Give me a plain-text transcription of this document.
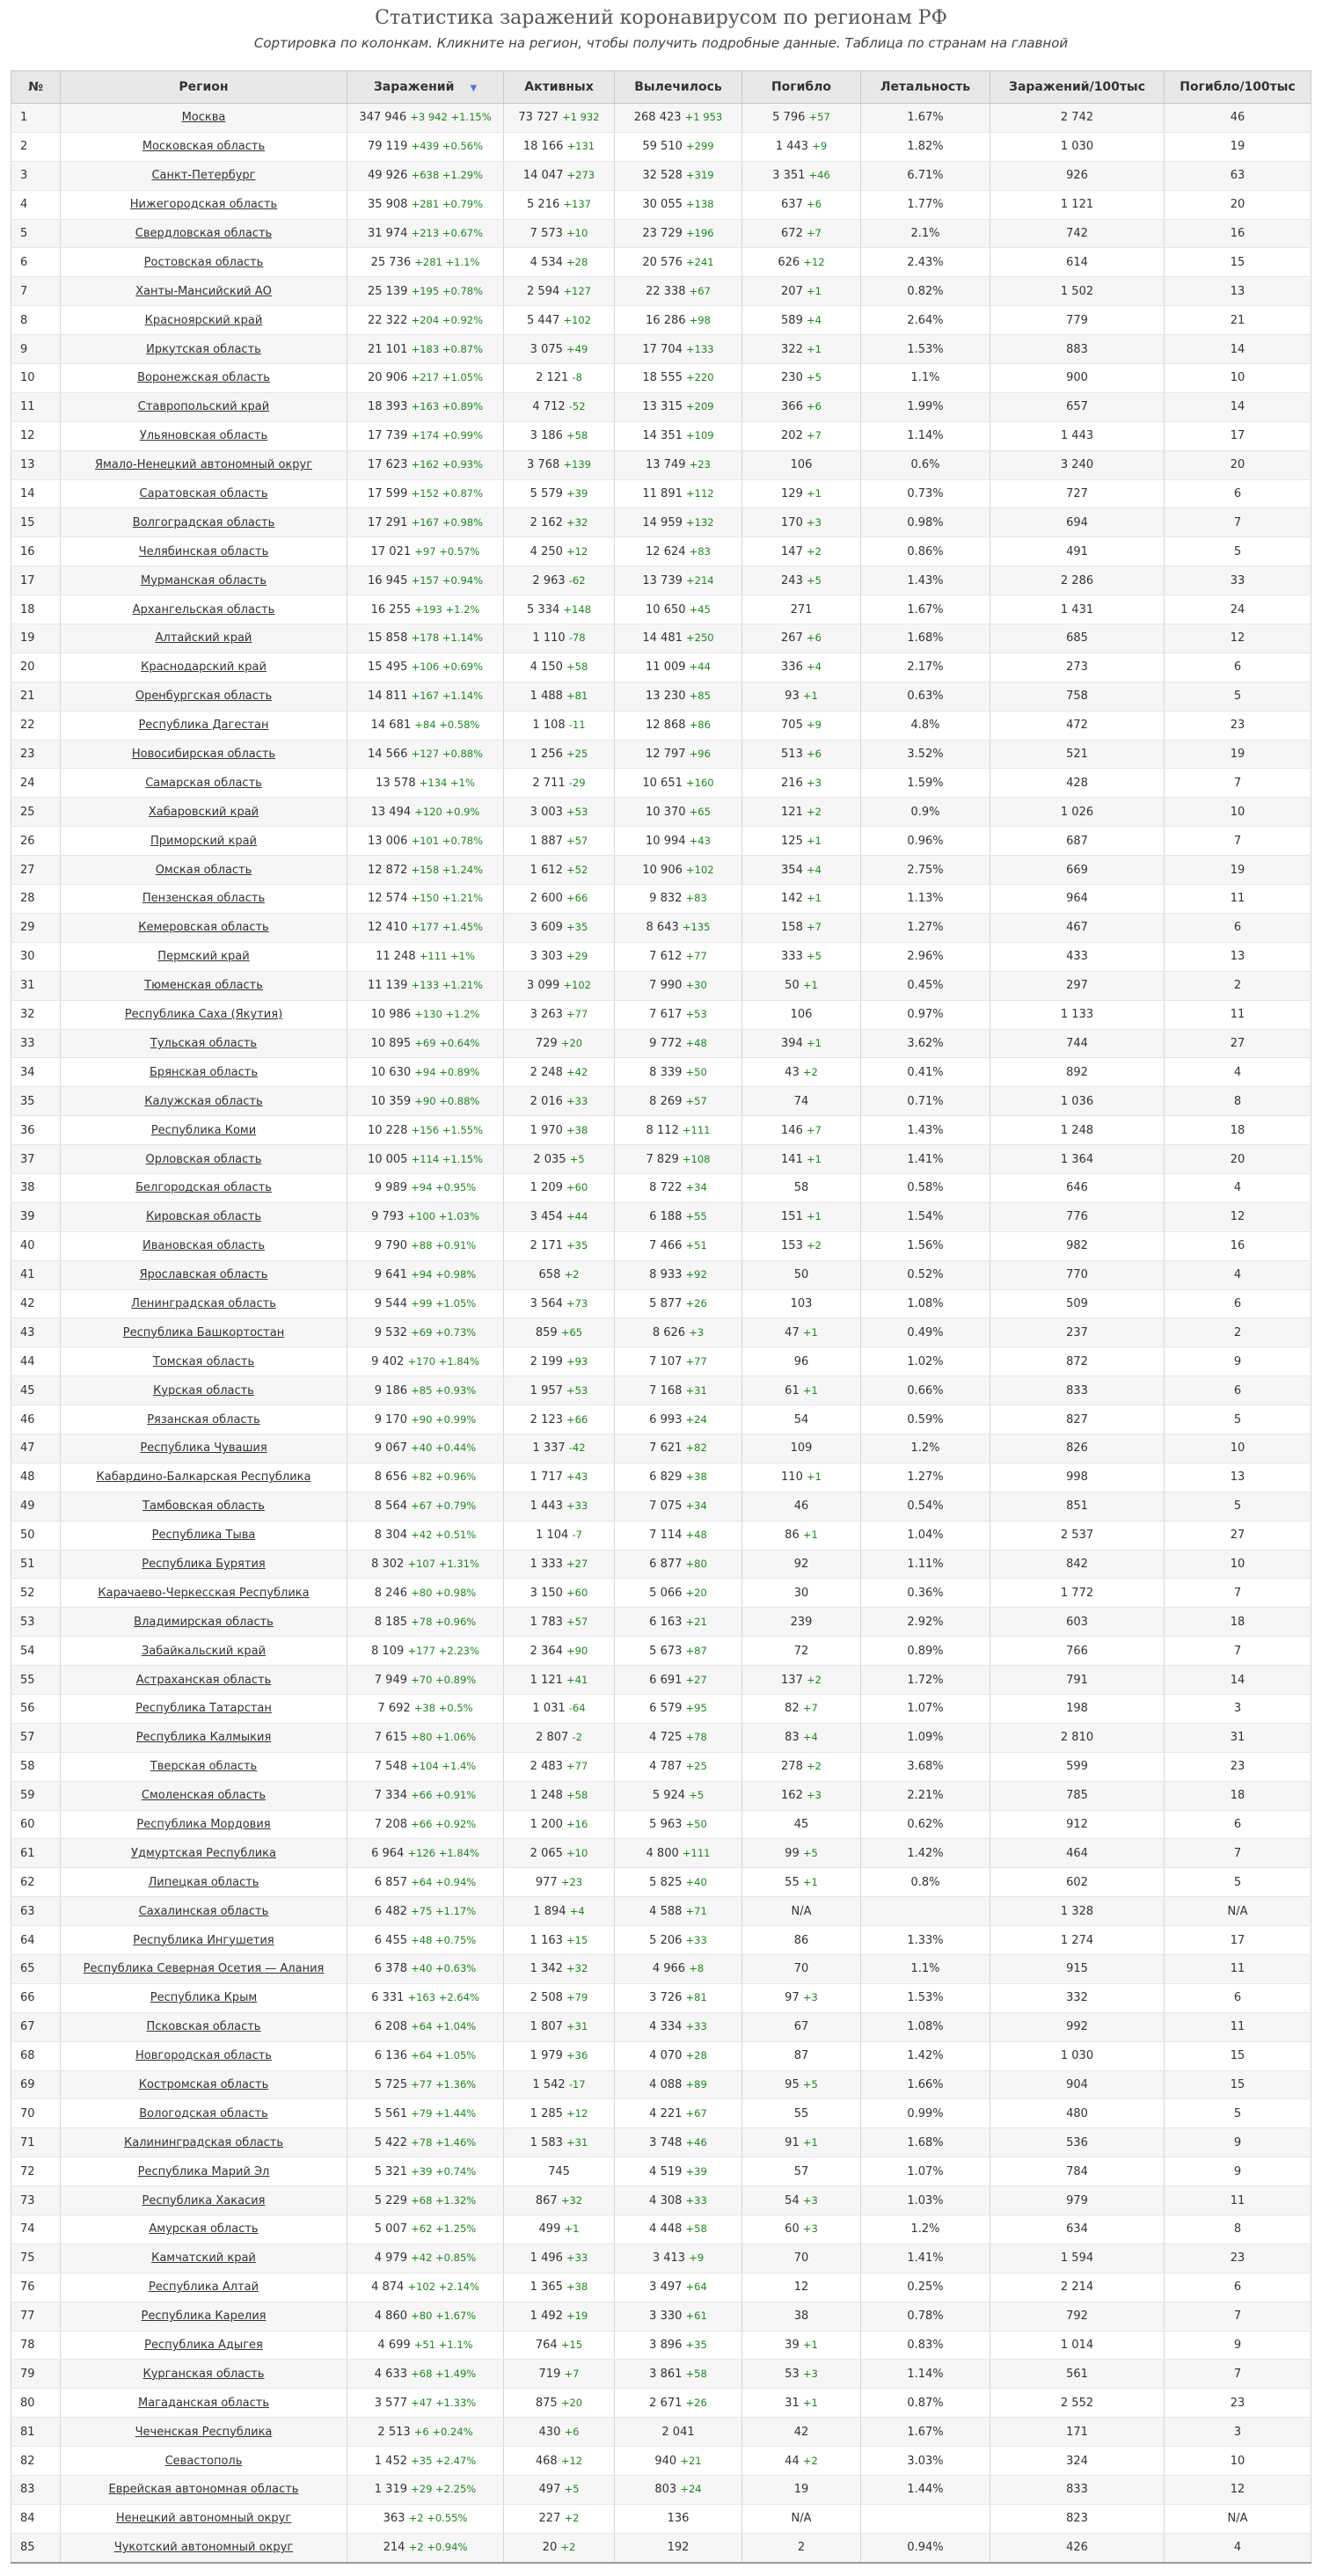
Статистика заражений коронавирусом по регионам РФ
Сортировка по колонкам. Кликните на регион, чтобы получить подробные данные. Таблица по странам на главной
№	Регион	Заражений ▼	Активных	Вылечилось	Погибло	Летальность	Заражений/100тыс	Погибло/100тыс
1	Москва	347 946 +3 942 +1.15%	73 727 +1 932	268 423 +1 953	5 796 +57	1.67%	2 742	46
2	Московская область	79 119 +439 +0.56%	18 166 +131	59 510 +299	1 443 +9	1.82%	1 030	19
3	Санкт-Петербург	49 926 +638 +1.29%	14 047 +273	32 528 +319	3 351 +46	6.71%	926	63
4	Нижегородская область	35 908 +281 +0.79%	5 216 +137	30 055 +138	637 +6	1.77%	1 121	20
5	Свердловская область	31 974 +213 +0.67%	7 573 +10	23 729 +196	672 +7	2.1%	742	16
6	Ростовская область	25 736 +281 +1.1%	4 534 +28	20 576 +241	626 +12	2.43%	614	15
7	Ханты-Мансийский АО	25 139 +195 +0.78%	2 594 +127	22 338 +67	207 +1	0.82%	1 502	13
8	Красноярский край	22 322 +204 +0.92%	5 447 +102	16 286 +98	589 +4	2.64%	779	21
9	Иркутская область	21 101 +183 +0.87%	3 075 +49	17 704 +133	322 +1	1.53%	883	14
10	Воронежская область	20 906 +217 +1.05%	2 121 -8	18 555 +220	230 +5	1.1%	900	10
11	Ставропольский край	18 393 +163 +0.89%	4 712 -52	13 315 +209	366 +6	1.99%	657	14
12	Ульяновская область	17 739 +174 +0.99%	3 186 +58	14 351 +109	202 +7	1.14%	1 443	17
13	Ямало-Ненецкий автономный округ	17 623 +162 +0.93%	3 768 +139	13 749 +23	106	0.6%	3 240	20
14	Саратовская область	17 599 +152 +0.87%	5 579 +39	11 891 +112	129 +1	0.73%	727	6
15	Волгоградская область	17 291 +167 +0.98%	2 162 +32	14 959 +132	170 +3	0.98%	694	7
16	Челябинская область	17 021 +97 +0.57%	4 250 +12	12 624 +83	147 +2	0.86%	491	5
17	Мурманская область	16 945 +157 +0.94%	2 963 -62	13 739 +214	243 +5	1.43%	2 286	33
18	Архангельская область	16 255 +193 +1.2%	5 334 +148	10 650 +45	271	1.67%	1 431	24
19	Алтайский край	15 858 +178 +1.14%	1 110 -78	14 481 +250	267 +6	1.68%	685	12
20	Краснодарский край	15 495 +106 +0.69%	4 150 +58	11 009 +44	336 +4	2.17%	273	6
21	Оренбургская область	14 811 +167 +1.14%	1 488 +81	13 230 +85	93 +1	0.63%	758	5
22	Республика Дагестан	14 681 +84 +0.58%	1 108 -11	12 868 +86	705 +9	4.8%	472	23
23	Новосибирская область	14 566 +127 +0.88%	1 256 +25	12 797 +96	513 +6	3.52%	521	19
24	Самарская область	13 578 +134 +1%	2 711 -29	10 651 +160	216 +3	1.59%	428	7
25	Хабаровский край	13 494 +120 +0.9%	3 003 +53	10 370 +65	121 +2	0.9%	1 026	10
26	Приморский край	13 006 +101 +0.78%	1 887 +57	10 994 +43	125 +1	0.96%	687	7
27	Омская область	12 872 +158 +1.24%	1 612 +52	10 906 +102	354 +4	2.75%	669	19
28	Пензенская область	12 574 +150 +1.21%	2 600 +66	9 832 +83	142 +1	1.13%	964	11
29	Кемеровская область	12 410 +177 +1.45%	3 609 +35	8 643 +135	158 +7	1.27%	467	6
30	Пермский край	11 248 +111 +1%	3 303 +29	7 612 +77	333 +5	2.96%	433	13
31	Тюменская область	11 139 +133 +1.21%	3 099 +102	7 990 +30	50 +1	0.45%	297	2
32	Республика Саха (Якутия)	10 986 +130 +1.2%	3 263 +77	7 617 +53	106	0.97%	1 133	11
33	Тульская область	10 895 +69 +0.64%	729 +20	9 772 +48	394 +1	3.62%	744	27
34	Брянская область	10 630 +94 +0.89%	2 248 +42	8 339 +50	43 +2	0.41%	892	4
35	Калужская область	10 359 +90 +0.88%	2 016 +33	8 269 +57	74	0.71%	1 036	8
36	Республика Коми	10 228 +156 +1.55%	1 970 +38	8 112 +111	146 +7	1.43%	1 248	18
37	Орловская область	10 005 +114 +1.15%	2 035 +5	7 829 +108	141 +1	1.41%	1 364	20
38	Белгородская область	9 989 +94 +0.95%	1 209 +60	8 722 +34	58	0.58%	646	4
39	Кировская область	9 793 +100 +1.03%	3 454 +44	6 188 +55	151 +1	1.54%	776	12
40	Ивановская область	9 790 +88 +0.91%	2 171 +35	7 466 +51	153 +2	1.56%	982	16
41	Ярославская область	9 641 +94 +0.98%	658 +2	8 933 +92	50	0.52%	770	4
42	Ленинградская область	9 544 +99 +1.05%	3 564 +73	5 877 +26	103	1.08%	509	6
43	Республика Башкортостан	9 532 +69 +0.73%	859 +65	8 626 +3	47 +1	0.49%	237	2
44	Томская область	9 402 +170 +1.84%	2 199 +93	7 107 +77	96	1.02%	872	9
45	Курская область	9 186 +85 +0.93%	1 957 +53	7 168 +31	61 +1	0.66%	833	6
46	Рязанская область	9 170 +90 +0.99%	2 123 +66	6 993 +24	54	0.59%	827	5
47	Республика Чувашия	9 067 +40 +0.44%	1 337 -42	7 621 +82	109	1.2%	826	10
48	Кабардино-Балкарская Республика	8 656 +82 +0.96%	1 717 +43	6 829 +38	110 +1	1.27%	998	13
49	Тамбовская область	8 564 +67 +0.79%	1 443 +33	7 075 +34	46	0.54%	851	5
50	Республика Тыва	8 304 +42 +0.51%	1 104 -7	7 114 +48	86 +1	1.04%	2 537	27
51	Республика Бурятия	8 302 +107 +1.31%	1 333 +27	6 877 +80	92	1.11%	842	10
52	Карачаево-Черкесская Республика	8 246 +80 +0.98%	3 150 +60	5 066 +20	30	0.36%	1 772	7
53	Владимирская область	8 185 +78 +0.96%	1 783 +57	6 163 +21	239	2.92%	603	18
54	Забайкальский край	8 109 +177 +2.23%	2 364 +90	5 673 +87	72	0.89%	766	7
55	Астраханская область	7 949 +70 +0.89%	1 121 +41	6 691 +27	137 +2	1.72%	791	14
56	Республика Татарстан	7 692 +38 +0.5%	1 031 -64	6 579 +95	82 +7	1.07%	198	3
57	Республика Калмыкия	7 615 +80 +1.06%	2 807 -2	4 725 +78	83 +4	1.09%	2 810	31
58	Тверская область	7 548 +104 +1.4%	2 483 +77	4 787 +25	278 +2	3.68%	599	23
59	Смоленская область	7 334 +66 +0.91%	1 248 +58	5 924 +5	162 +3	2.21%	785	18
60	Республика Мордовия	7 208 +66 +0.92%	1 200 +16	5 963 +50	45	0.62%	912	6
61	Удмуртская Республика	6 964 +126 +1.84%	2 065 +10	4 800 +111	99 +5	1.42%	464	7
62	Липецкая область	6 857 +64 +0.94%	977 +23	5 825 +40	55 +1	0.8%	602	5
63	Сахалинская область	6 482 +75 +1.17%	1 894 +4	4 588 +71	N/A		1 328	N/A
64	Республика Ингушетия	6 455 +48 +0.75%	1 163 +15	5 206 +33	86	1.33%	1 274	17
65	Республика Северная Осетия — Алания	6 378 +40 +0.63%	1 342 +32	4 966 +8	70	1.1%	915	11
66	Республика Крым	6 331 +163 +2.64%	2 508 +79	3 726 +81	97 +3	1.53%	332	6
67	Псковская область	6 208 +64 +1.04%	1 807 +31	4 334 +33	67	1.08%	992	11
68	Новгородская область	6 136 +64 +1.05%	1 979 +36	4 070 +28	87	1.42%	1 030	15
69	Костромская область	5 725 +77 +1.36%	1 542 -17	4 088 +89	95 +5	1.66%	904	15
70	Вологодская область	5 561 +79 +1.44%	1 285 +12	4 221 +67	55	0.99%	480	5
71	Калининградская область	5 422 +78 +1.46%	1 583 +31	3 748 +46	91 +1	1.68%	536	9
72	Республика Марий Эл	5 321 +39 +0.74%	745	4 519 +39	57	1.07%	784	9
73	Республика Хакасия	5 229 +68 +1.32%	867 +32	4 308 +33	54 +3	1.03%	979	11
74	Амурская область	5 007 +62 +1.25%	499 +1	4 448 +58	60 +3	1.2%	634	8
75	Камчатский край	4 979 +42 +0.85%	1 496 +33	3 413 +9	70	1.41%	1 594	23
76	Республика Алтай	4 874 +102 +2.14%	1 365 +38	3 497 +64	12	0.25%	2 214	6
77	Республика Карелия	4 860 +80 +1.67%	1 492 +19	3 330 +61	38	0.78%	792	7
78	Республика Адыгея	4 699 +51 +1.1%	764 +15	3 896 +35	39 +1	0.83%	1 014	9
79	Курганская область	4 633 +68 +1.49%	719 +7	3 861 +58	53 +3	1.14%	561	7
80	Магаданская область	3 577 +47 +1.33%	875 +20	2 671 +26	31 +1	0.87%	2 552	23
81	Чеченская Республика	2 513 +6 +0.24%	430 +6	2 041	42	1.67%	171	3
82	Севастополь	1 452 +35 +2.47%	468 +12	940 +21	44 +2	3.03%	324	10
83	Еврейская автономная область	1 319 +29 +2.25%	497 +5	803 +24	19	1.44%	833	12
84	Ненецкий автономный округ	363 +2 +0.55%	227 +2	136	N/A		823	N/A
85	Чукотский автономный округ	214 +2 +0.94%	20 +2	192	2	0.94%	426	4
